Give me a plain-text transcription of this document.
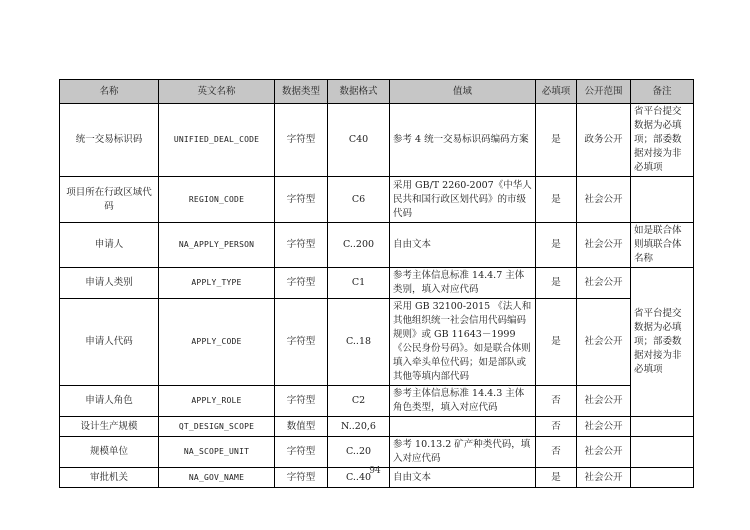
名称	英文名称	数据类型	数据格式	值域	必填项	公开范围	备注
统一交易标识码	UNIFIED_DEAL_CODE	字符型	C40	参考 4 统一交易标识码编码方案	是	政务公开	省平台提交数据为必填项；部委数据对接为非必填项
项目所在行政区域代码	REGION_CODE	字符型	C6	采用 GB/T 2260-2007《中华人民共和国行政区划代码》的市级代码	是	社会公开	
申请人	NA_APPLY_PERSON	字符型	C..200	自由文本	是	社会公开	如是联合体则填联合体名称
申请人类别	APPLY_TYPE	字符型	C1	参考主体信息标准 14.4.7 主体类别，填入对应代码	是	社会公开	省平台提交数据为必填项；部委数据对接为非必填项
申请人代码	APPLY_CODE	字符型	C..18	采用 GB 32100-2015 《法人和其他组织统一社会信用代码编码规则》或 GB 11643－1999《公民身份号码》。如是联合体则填入牵头单位代码；如是部队或其他等填内部代码	是	社会公开	
申请人角色	APPLY_ROLE	字符型	C2	参考主体信息标准 14.4.3 主体角色类型，填入对应代码	否	社会公开	
设计生产规模	QT_DESIGN_SCOPE	数值型	N..20,6		否	社会公开	
规模单位	NA_SCOPE_UNIT	字符型	C..20	参考 10.13.2 矿产种类代码，填入对应代码	否	社会公开	
审批机关	NA_GOV_NAME	字符型	C..40	自由文本	是	社会公开	
94
